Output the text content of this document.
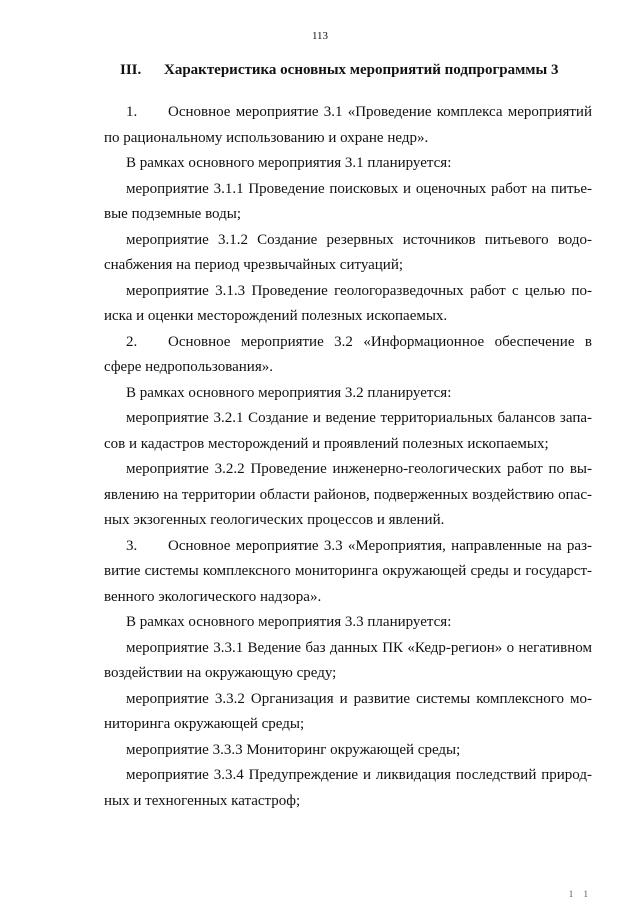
113
III. Характеристика основных мероприятий подпрограммы 3
1. Основное мероприятие 3.1 «Проведение комплекса мероприятий
по рациональному использованию и охране недр».
В рамках основного мероприятия 3.1 планируется:
мероприятие 3.1.1 Проведение поисковых и оценочных работ на питье-
вые подземные воды;
мероприятие 3.1.2 Создание резервных источников питьевого водо-
снабжения на период чрезвычайных ситуаций;
мероприятие 3.1.3 Проведение геологоразведочных работ с целью по-
иска и оценки месторождений полезных ископаемых.
2. Основное мероприятие 3.2 «Информационное обеспечение в
сфере недропользования».
В рамках основного мероприятия 3.2 планируется:
мероприятие 3.2.1 Создание и ведение территориальных балансов запа-
сов и кадастров месторождений и проявлений полезных ископаемых;
мероприятие 3.2.2 Проведение инженерно-геологических работ по вы-
явлению на территории области районов, подверженных воздействию опас-
ных экзогенных геологических процессов и явлений.
3. Основное мероприятие 3.3 «Мероприятия, направленные на раз-
витие системы комплексного мониторинга окружающей среды и государст-
венного экологического надзора».
В рамках основного мероприятия 3.3 планируется:
мероприятие 3.3.1 Ведение баз данных ПК «Кедр-регион» о негативном
воздействии на окружающую среду;
мероприятие 3.3.2 Организация и развитие системы комплексного мо-
ниторинга окружающей среды;
мероприятие 3.3.3 Мониторинг окружающей среды;
мероприятие 3.3.4 Предупреждение и ликвидация последствий природ-
ных и техногенных катастроф;
1 1
